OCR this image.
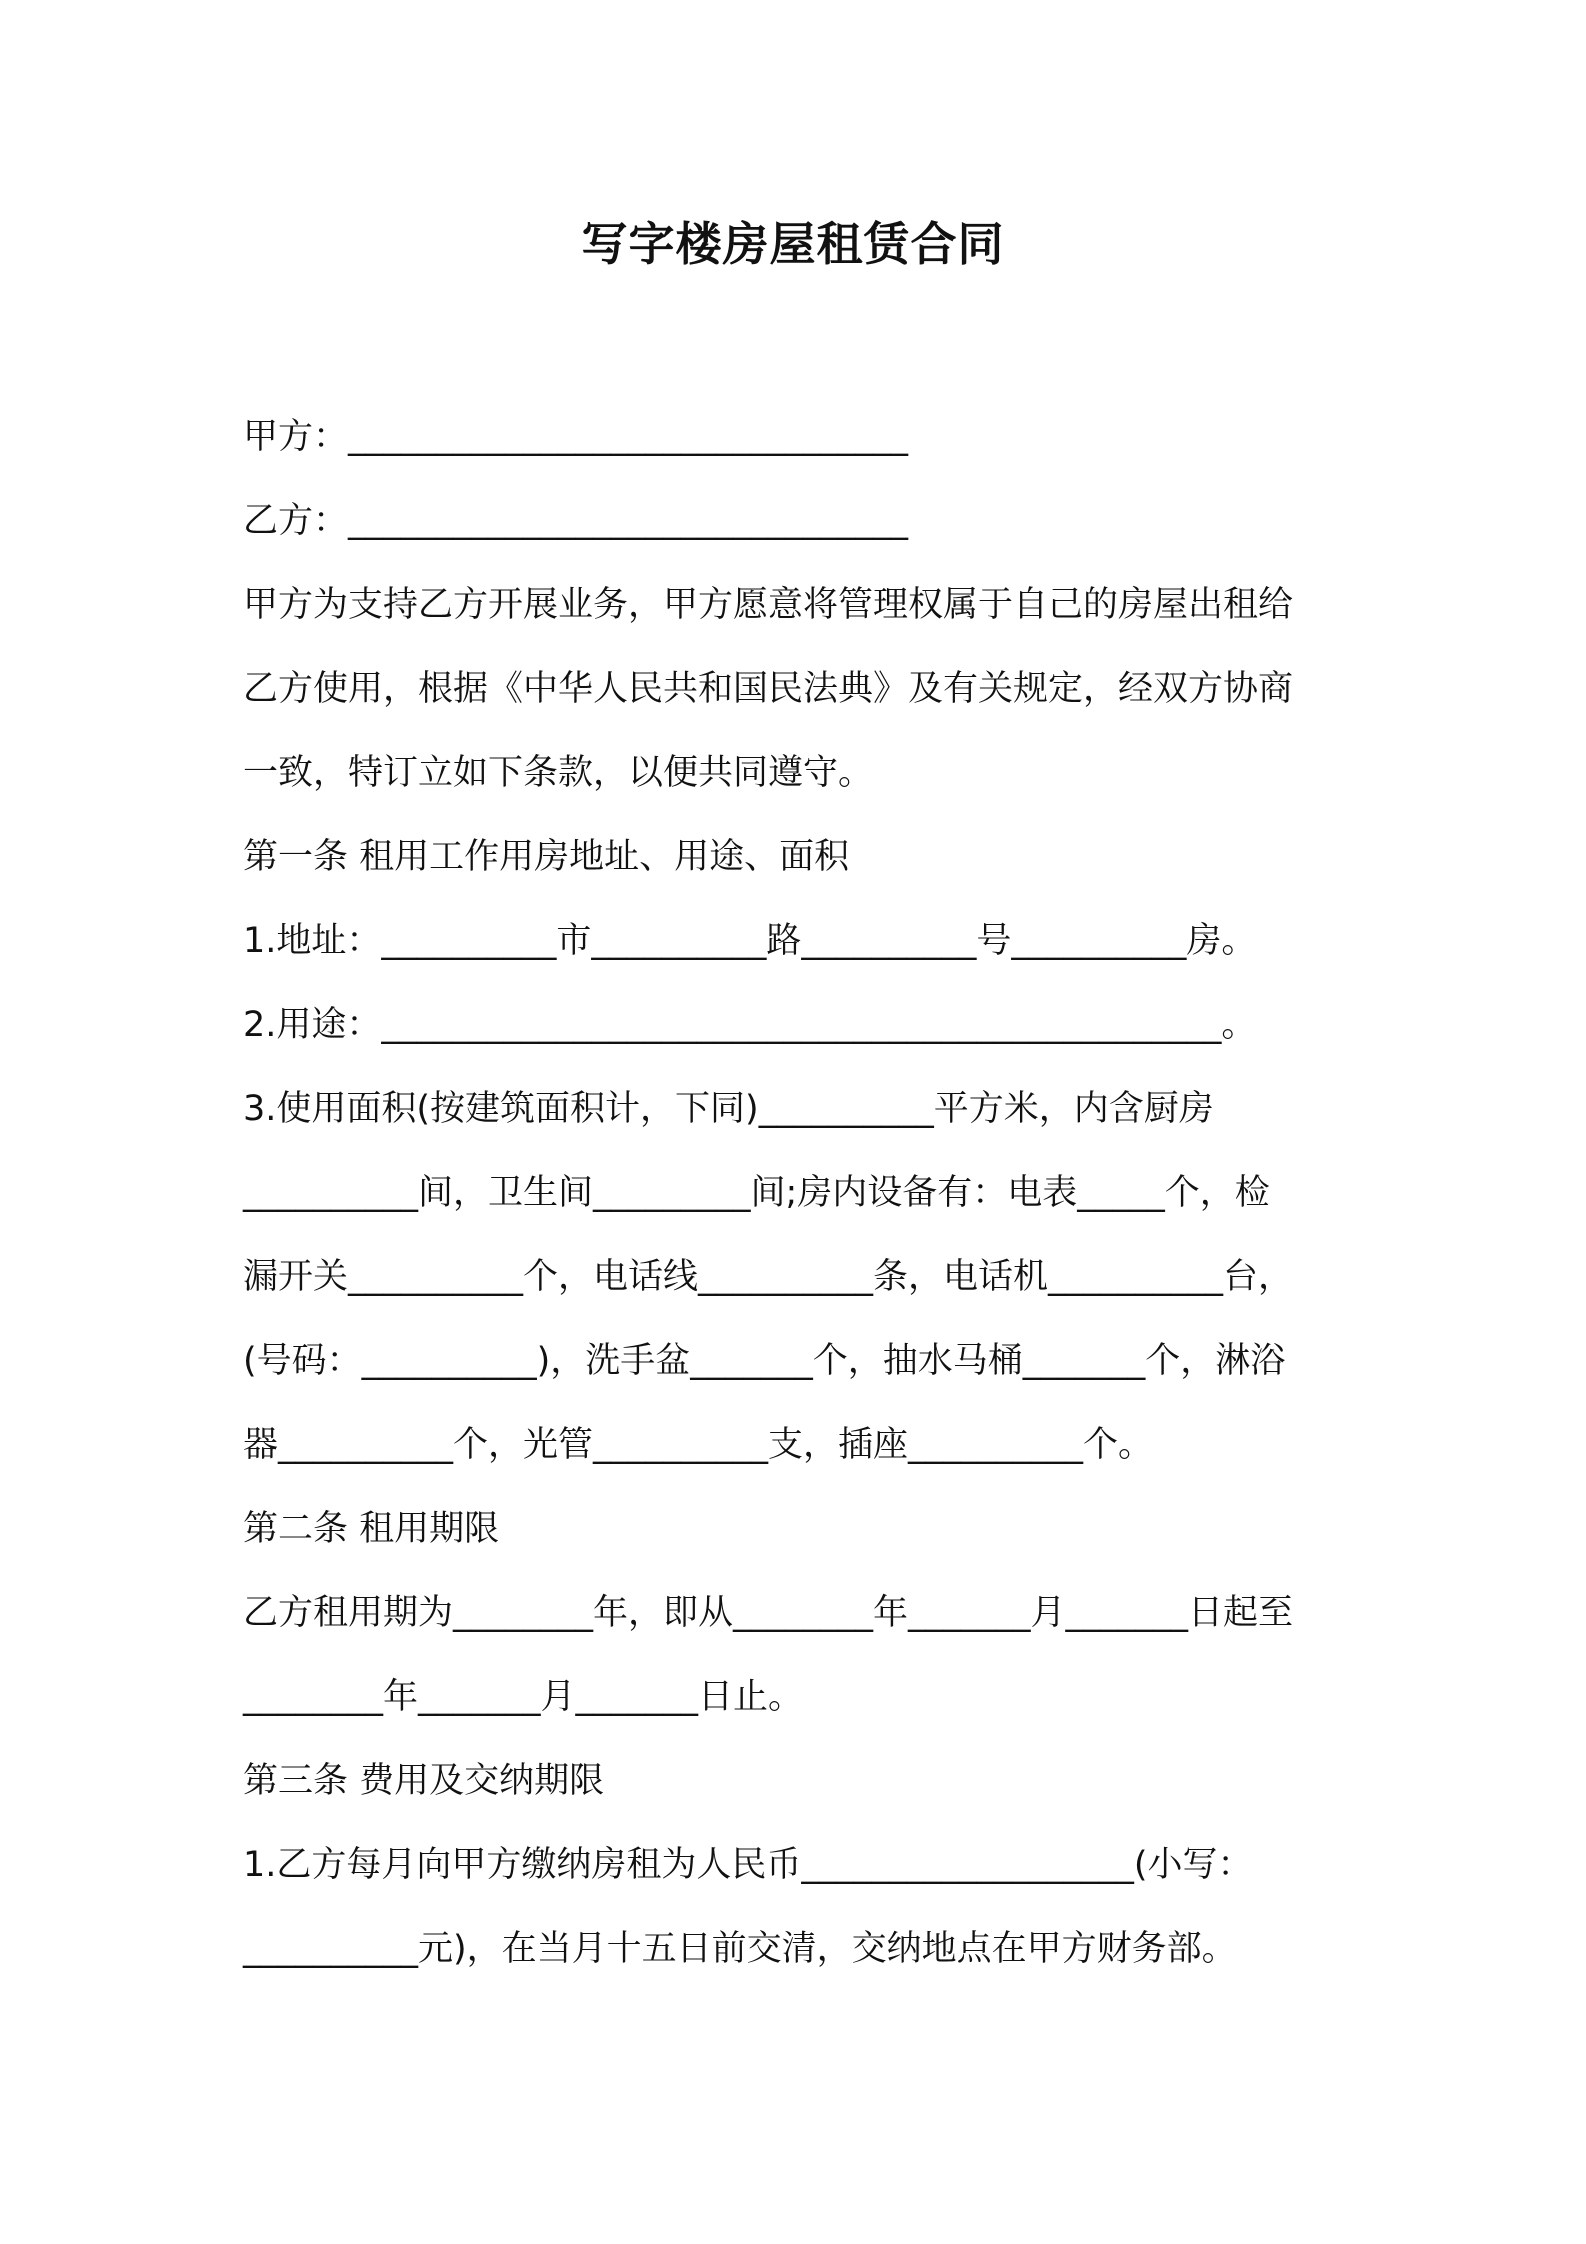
写字楼房屋租赁合同

甲方：________________________________

乙方：________________________________

甲方为支持乙方开展业务，甲方愿意将管理权属于自己的房屋出租给

乙方使用，根据《中华人民共和国民法典》及有关规定，经双方协商

一致，特订立如下条款，以便共同遵守。

第一条 租用工作用房地址、用途、面积

1.地址：__________市__________路__________号__________房。

2.用途：________________________________________________。

3.使用面积(按建筑面积计，下同)__________平方米，内含厨房

__________间，卫生间_________间;房内设备有：电表_____个，检

漏开关__________个，电话线__________条，电话机__________台，

(号码：__________)，洗手盆_______个，抽水马桶_______个，淋浴

器__________个，光管__________支，插座__________个。

第二条 租用期限

乙方租用期为________年，即从________年_______月_______日起至

________年_______月_______日止。

第三条 费用及交纳期限

1.乙方每月向甲方缴纳房租为人民币___________________(小写：

__________元)，在当月十五日前交清，交纳地点在甲方财务部。
